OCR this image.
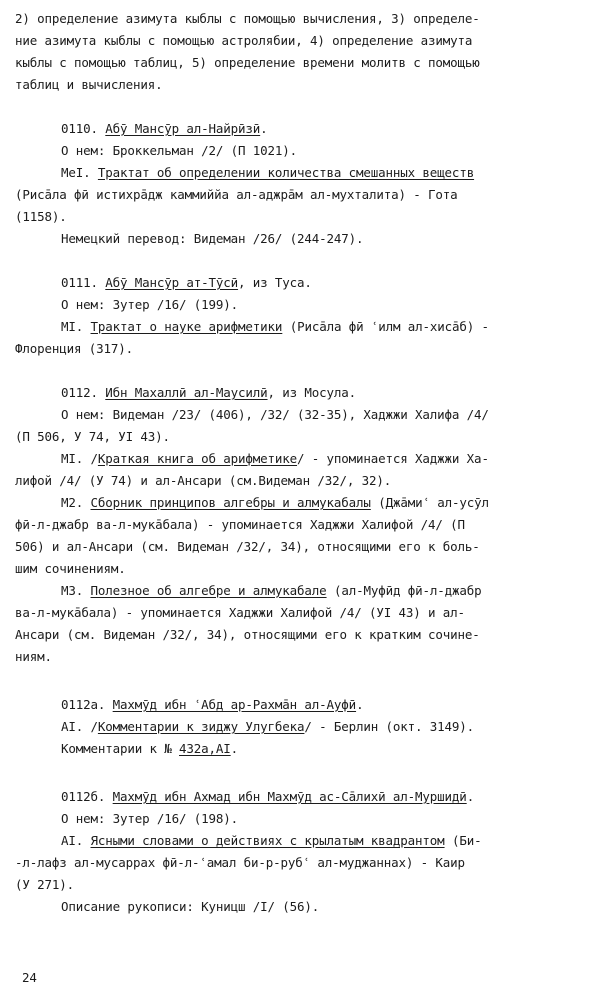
2) определение азимута кыблы с помощью вычисления, 3) определе-
ние азимута кыблы с помощью астролябии, 4) определение азимута
кыблы с помощью таблиц, 5) определение времени молитв с помощью
таблиц и вычисления.
0110. Абӯ Мансӯр ал-Найрӣзӣ.
О нем: Броккельман /2/ (П 1021).
MeI. Трактат об определении количества смешанных веществ
(Рисāла фӣ истихрāдж каммиййа ал-аджрāм ал-мухталита) - Гота
(1158).
Немецкий перевод: Видеман /26/ (244-247).
0111. Абӯ Мансӯр ат-Тӯсӣ, из Туса.
О нем: Зутер /16/ (199).
MI. Трактат о науке арифметики (Рисāла фӣ ʿилм ал-хисāб) -
Флоренция (317).
0112. Ибн Махаллӣ ал-Маусилӣ, из Мосула.
О нем: Видеман /23/ (406), /32/ (32-35), Хаджжи Халифа /4/
(П 506, У 74, УI 43).
MI. /Краткая книга об арифметике/ - упоминается Хаджжи Ха-
лифой /4/ (У 74) и ал-Ансари (см.Видеман /32/, 32).
M2. Сборник принципов алгебры и алмукабалы (Джāмиʿ ал-усӯл
фӣ-л-джабр ва-л-мукāбала) - упоминается Хаджжи Халифой /4/ (П
506) и ал-Ансари (см. Видеман /32/, 34), относящими его к боль-
шим сочинениям.
M3. Полезное об алгебре и алмукабале (ал-Муфӣд фӣ-л-джабр
ва-л-мукāбала) - упоминается Хаджжи Халифой /4/ (УI 43) и ал-
Ансари (см. Видеман /32/, 34), относящими его к кратким сочине-
ниям.
0112а. Махмӯд ибн ʿАбд ар-Рахмāн ал-Ауфӣ.
AI. /Комментарии к зиджу Улугбека/ - Берлин (окт. 3149).
Комментарии к № 432а,AI.
0112б. Махмӯд ибн Ахмад ибн Махмӯд ас-Сāлихӣ ал-Муршидӣ.
О нем: Зутер /16/ (198).
AI. Ясными словами о действиях с крылатым квадрантом (Би-
-л-лафз ал-мусаррах фӣ-л-ʿамал би-р-рубʿ ал-муджаннах) - Каир
(У 271).
Описание рукописи: Куницш /I/ (56).
24
